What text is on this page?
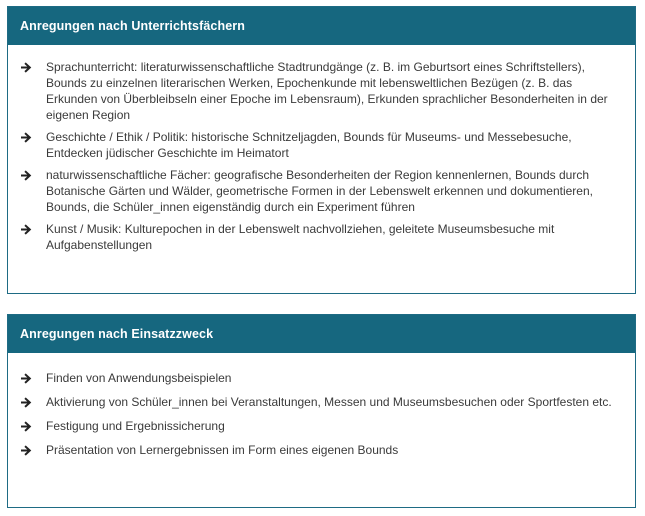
Anregungen nach Unterrichtsfächern
Sprachunterricht: literaturwissenschaftliche Stadtrundgänge (z. B. im Geburtsort eines Schriftstellers), Bounds zu einzelnen literarischen Werken, Epochenkunde mit lebensweltlichen Bezügen (z. B. das Erkunden von Überbleibseln einer Epoche im Lebensraum), Erkunden sprachlicher Besonderheiten in der eigenen Region
Geschichte / Ethik / Politik: historische Schnitzeljagden, Bounds für Museums- und Messebesuche, Entdecken jüdischer Geschichte im Heimatort
naturwissenschaftliche Fächer: geografische Besonderheiten der Region kennenlernen, Bounds durch Botanische Gärten und Wälder, geometrische Formen in der Lebenswelt erkennen und dokumentieren, Bounds, die Schüler_innen eigenständig durch ein Experiment führen
Kunst / Musik: Kulturepochen in der Lebenswelt nachvollziehen, geleitete Museumsbesuche mit Aufgabenstellungen
Anregungen nach Einsatzzweck
Finden von Anwendungsbeispielen
Aktivierung von Schüler_innen bei Veranstaltungen, Messen und Museumsbesuchen oder Sportfesten etc.
Festigung und Ergebnissicherung
Präsentation von Lernergebnissen im Form eines eigenen Bounds
